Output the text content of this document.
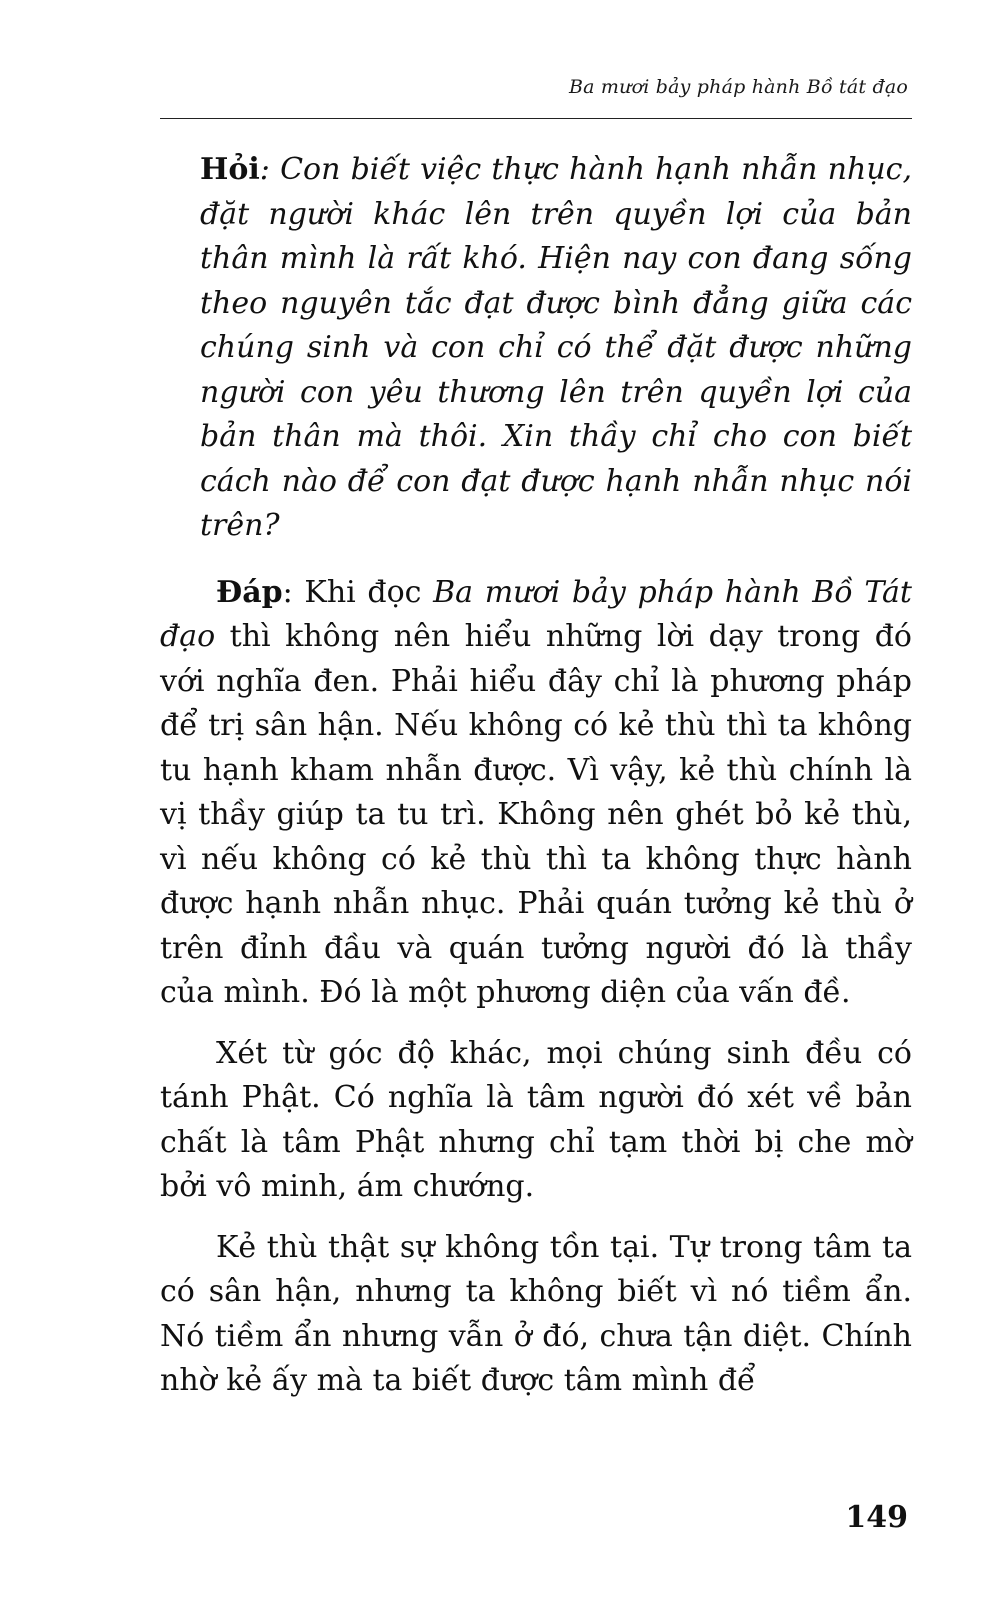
Ba mươi bảy pháp hành Bồ tát đạo

Hỏi: Con biết việc thực hành hạnh nhẫn nhục, đặt người khác lên trên quyền lợi của bản thân mình là rất khó. Hiện nay con đang sống theo nguyên tắc đạt được bình đẳng giữa các chúng sinh và con chỉ có thể đặt được những người con yêu thương lên trên quyền lợi của bản thân mà thôi. Xin thầy chỉ cho con biết cách nào để con đạt được hạnh nhẫn nhục nói trên?

Đáp: Khi đọc Ba mươi bảy pháp hành Bồ Tát đạo thì không nên hiểu những lời dạy trong đó với nghĩa đen. Phải hiểu đây chỉ là phương pháp để trị sân hận. Nếu không có kẻ thù thì ta không tu hạnh kham nhẫn được. Vì vậy, kẻ thù chính là vị thầy giúp ta tu trì. Không nên ghét bỏ kẻ thù, vì nếu không có kẻ thù thì ta không thực hành được hạnh nhẫn nhục. Phải quán tưởng kẻ thù ở trên đỉnh đầu và quán tưởng người đó là thầy của mình. Đó là một phương diện của vấn đề.

Xét từ góc độ khác, mọi chúng sinh đều có tánh Phật. Có nghĩa là tâm người đó xét về bản chất là tâm Phật nhưng chỉ tạm thời bị che mờ bởi vô minh, ám chướng.

Kẻ thù thật sự không tồn tại. Tự trong tâm ta có sân hận, nhưng ta không biết vì nó tiềm ẩn. Nó tiềm ẩn nhưng vẫn ở đó, chưa tận diệt. Chính nhờ kẻ ấy mà ta biết được tâm mình để

149
